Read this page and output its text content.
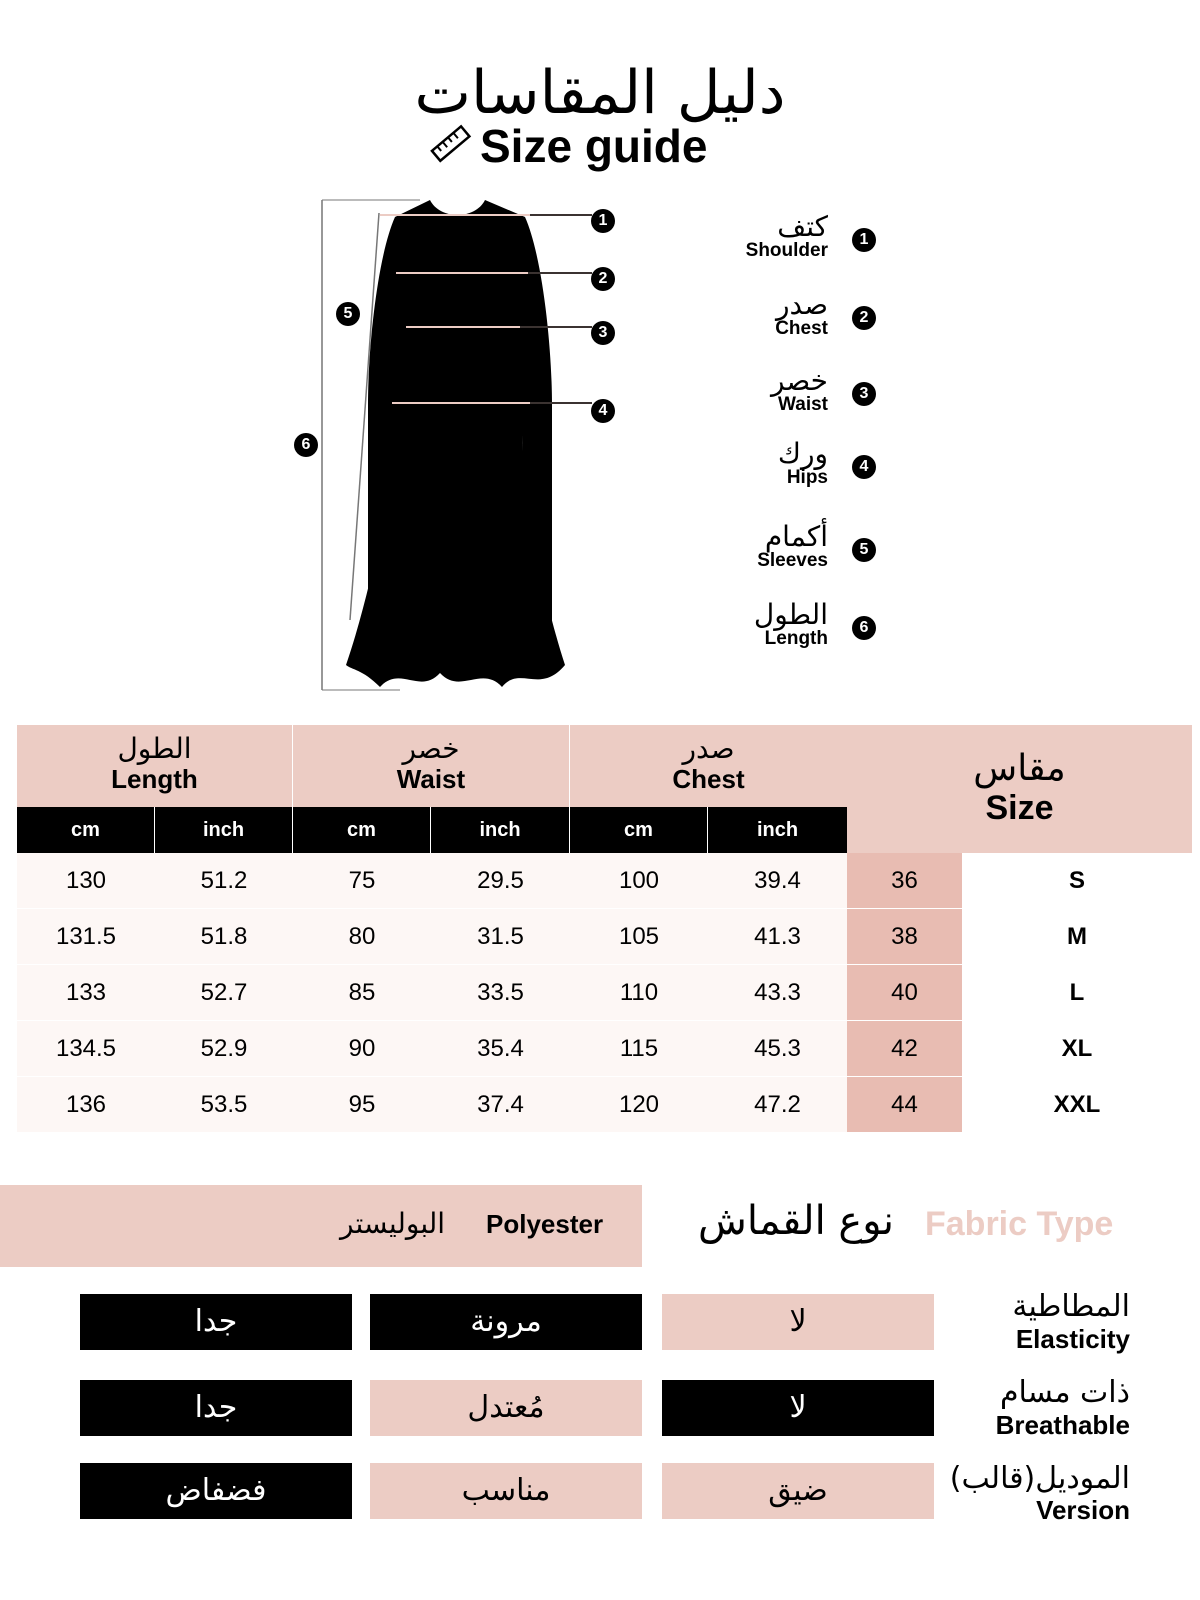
دليل المقاسات
Size guide
1
2
3
4
5
6
كتف
Shoulder
1
صدر
Chest
2
خصر
Waist
3
ورك
Hips
4
أكمام
Sleeves
5
الطول
Length
6
الطول
Length
خصر
Waist
صدر
Chest	مقاس
Size
cm	inch	cm	inch	cm	inch
130	51.2	75	29.5	100	39.4	36	S
131.5	51.8	80	31.5	105	41.3	38	M
133	52.7	85	33.5	110	43.3	40	L
134.5	52.9	90	35.4	115	45.3	42	XL
136	53.5	95	37.4	120	47.2	44	XXL
البوليستر Polyester نوع القماش Fabric Type
جدا	مرونة	لا	المطاطية
Elasticity
جدا	مُعتدل	لا	ذات مسام
Breathable
فضفاض	مناسب	ضيق	(الموديل(قالب
Version
